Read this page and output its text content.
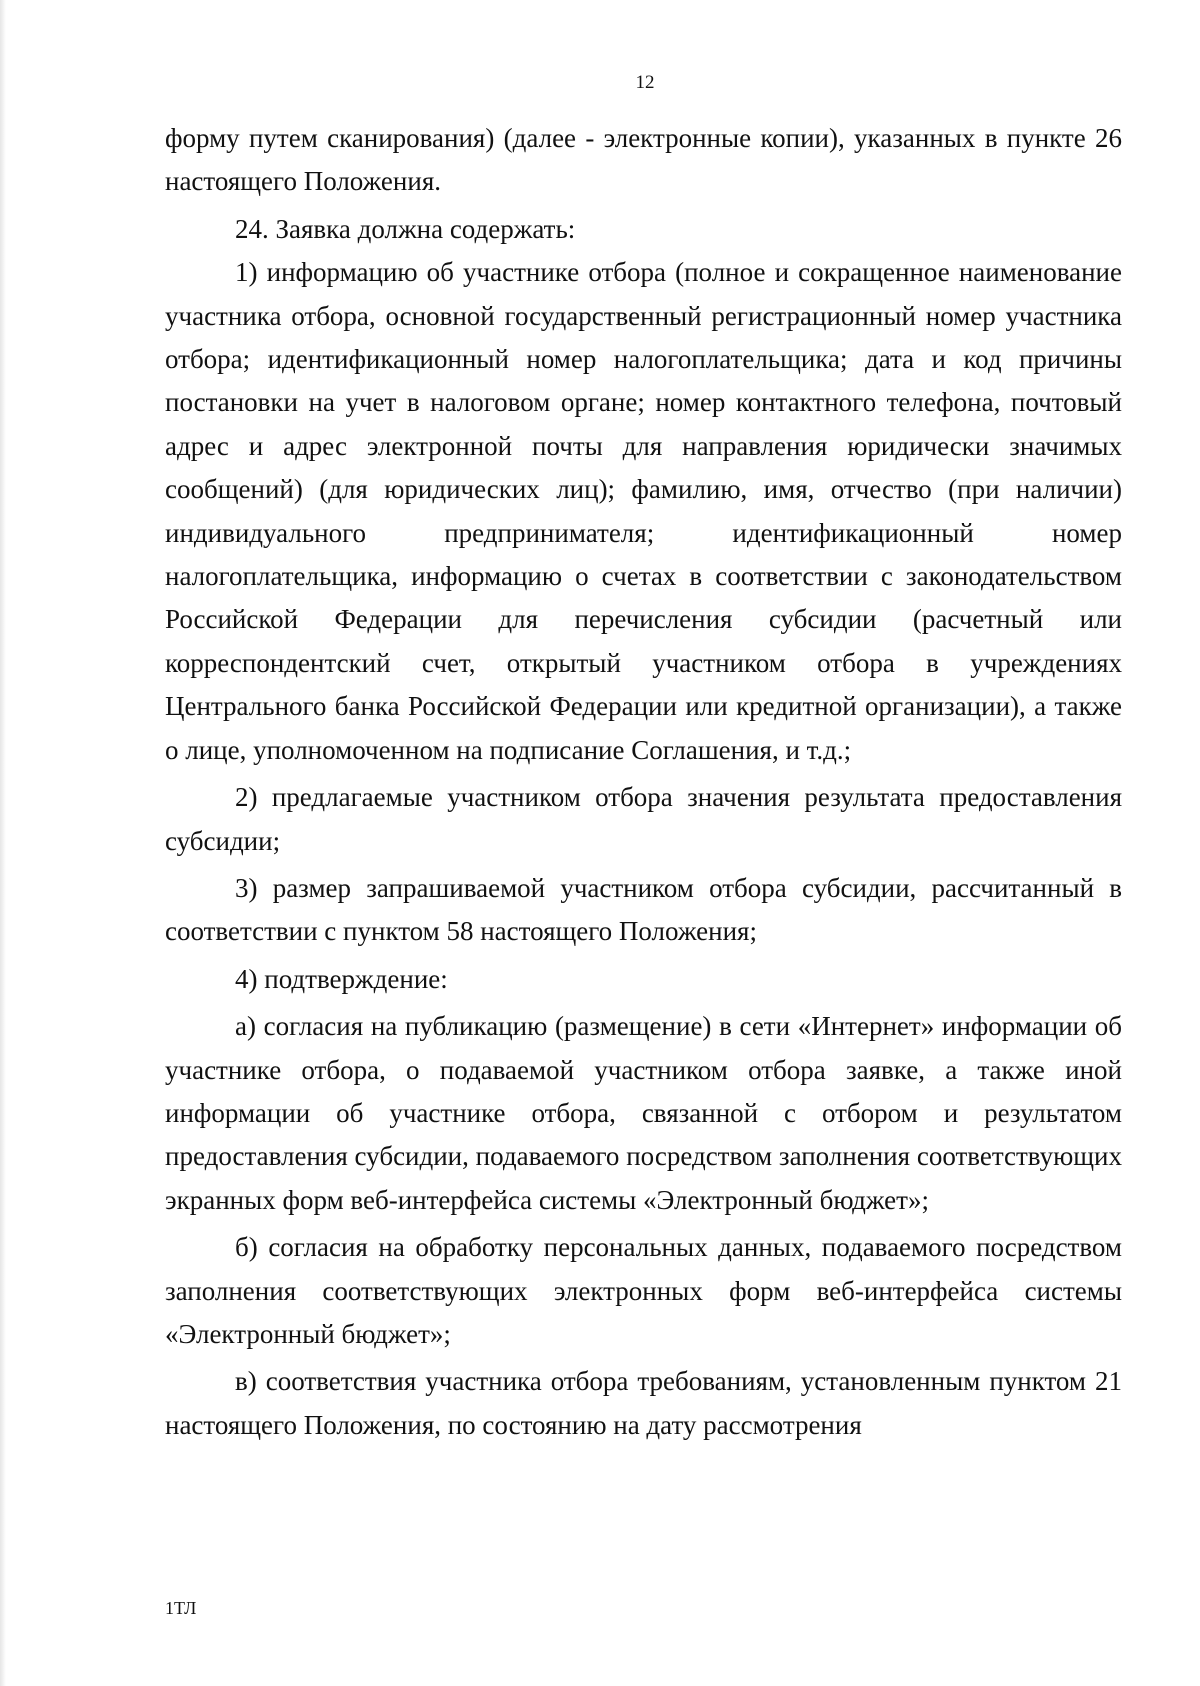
12

форму путем сканирования) (далее - электронные копии), указанных в пункте 26 настоящего Положения.

24. Заявка должна содержать:

1) информацию об участнике отбора (полное и сокращенное наименование участника отбора, основной государственный регистрационный номер участника отбора; идентификационный номер налогоплательщика; дата и код причины постановки на учет в налоговом органе; номер контактного телефона, почтовый адрес и адрес электронной почты для направления юридически значимых сообщений) (для юридических лиц); фамилию, имя, отчество (при наличии) индивидуального предпринимателя; идентификационный номер налогоплательщика, информацию о счетах в соответствии с законодательством Российской Федерации для перечисления субсидии (расчетный или корреспондентский счет, открытый участником отбора в учреждениях Центрального банка Российской Федерации или кредитной организации), а также о лице, уполномоченном на подписание Соглашения, и т.д.;

2) предлагаемые участником отбора значения результата предоставления субсидии;

3) размер запрашиваемой участником отбора субсидии, рассчитанный в соответствии с пунктом 58 настоящего Положения;

4) подтверждение:

а) согласия на публикацию (размещение) в сети «Интернет» информации об участнике отбора, о подаваемой участником отбора заявке, а также иной информации об участнике отбора, связанной с отбором и результатом предоставления субсидии, подаваемого посредством заполнения соответствующих экранных форм веб-интерфейса системы «Электронный бюджет»;

б) согласия на обработку персональных данных, подаваемого посредством заполнения соответствующих электронных форм веб-интерфейса системы «Электронный бюджет»;

в) соответствия участника отбора требованиям, установленным пунктом 21 настоящего Положения, по состоянию на дату рассмотрения

1ТЛ
